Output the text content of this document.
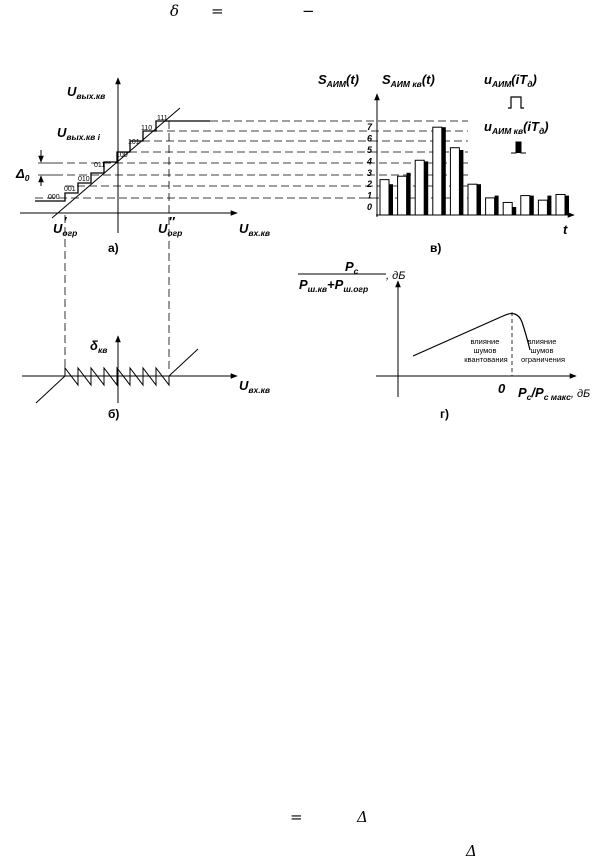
δ =	−
=	Δ
Δ
000
001
010
011
100
101
110
111
Uвых.кв
Uвых.кв i
Δ0
Uогр′	Uогр″	Uвх.кв
а)
δкв
Uвх.кв
б)
7
6
5
4
3
2
1
0
SАИМ(t) SАИМ кв(t)	uАИМ(iTд)
uАИМ кв(iTд)
t
в)
Pс
Pш.кв+Pш.огр
, дБ
влияние шумов квантования
влияние шумов ограничения
0 Pс/Pс макс, дБ
г)
